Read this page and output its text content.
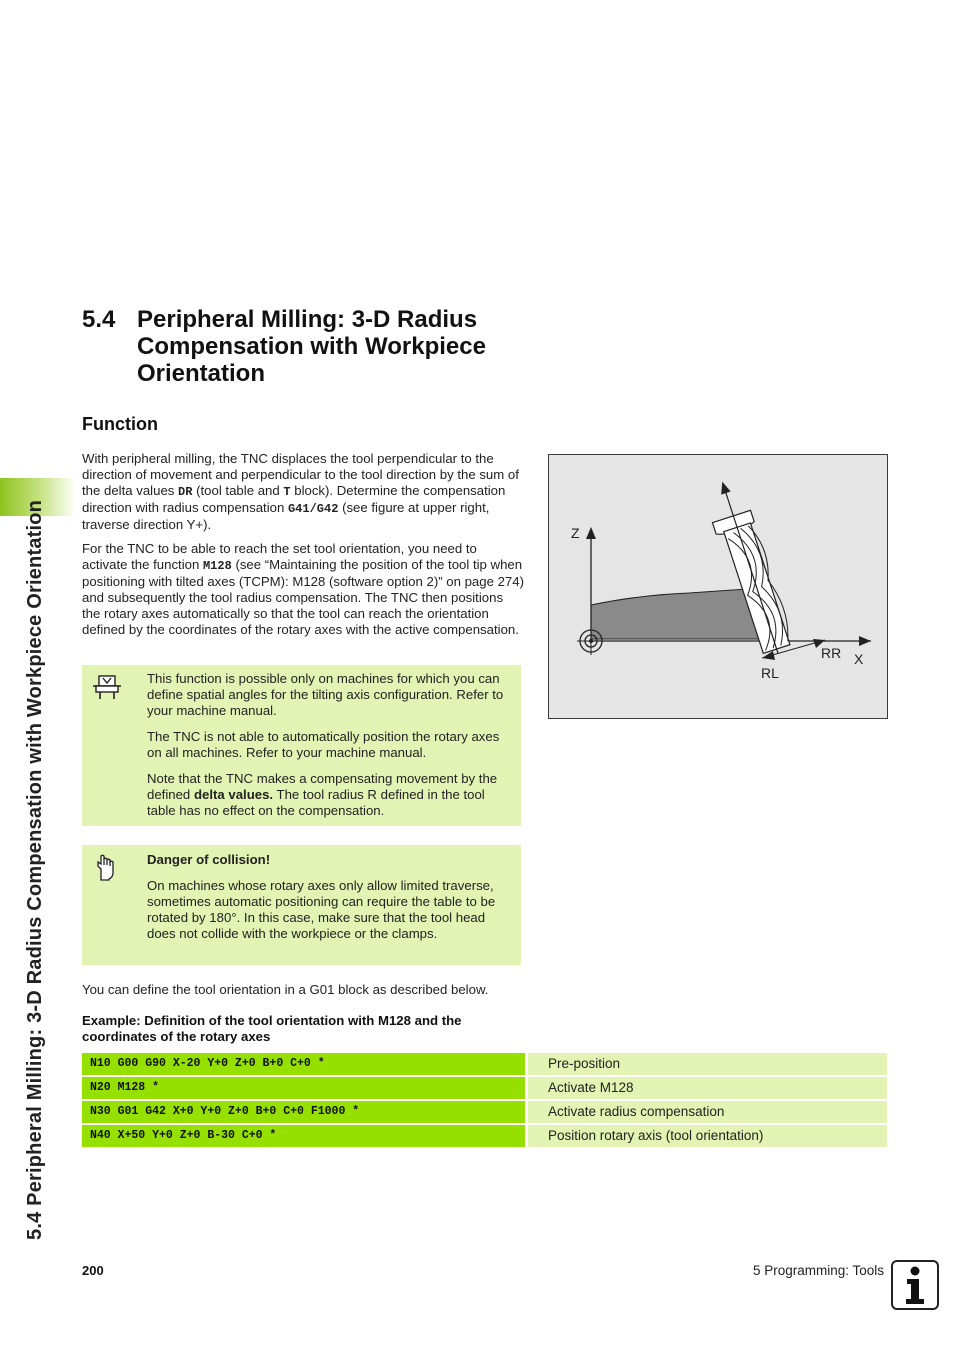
5.4 Peripheral Milling: 3-D Radius Compensation with Workpiece Orientation
5.4 Peripheral Milling: 3-D Radius Compensation with Workpiece Orientation
Function
With peripheral milling, the TNC displaces the tool perpendicular to the direction of movement and perpendicular to the tool direction by the sum of the delta values DR (tool table and T block). Determine the compensation direction with radius compensation G41/G42 (see figure at upper right, traverse direction Y+).
For the TNC to be able to reach the set tool orientation, you need to activate the function M128 (see “Maintaining the position of the tool tip when positioning with tilted axes (TCPM): M128 (software option 2)” on page 274) and subsequently the tool radius compensation. The TNC then positions the rotary axes automatically so that the tool can reach the orientation defined by the coordinates of the rotary axes with the active compensation.

This function is possible only on machines for which you can define spatial angles for the tilting axis configuration. Refer to your machine manual.

The TNC is not able to automatically position the rotary axes on all machines. Refer to your machine manual.

Note that the TNC makes a compensating movement by the defined delta values. The tool radius R defined in the tool table has no effect on the compensation.

Danger of collision!

On machines whose rotary axes only allow limited traverse, sometimes automatic positioning can require the table to be rotated by 180°. In this case, make sure that the tool head does not collide with the workpiece or the clamps.

Z
X
RR
RL
You can define the tool orientation in a G01 block as described below.
Example: Definition of the tool orientation with M128 and the coordinates of the rotary axes
N10 G00 G90 X-20 Y+0 Z+0 B+0 C+0 *	Pre-position
N20 M128 *	Activate M128
N30 G01 G42 X+0 Y+0 Z+0 B+0 C+0 F1000 *	Activate radius compensation
N40 X+50 Y+0 Z+0 B-30 C+0 *	Position rotary axis (tool orientation)
200	5 Programming: Tools
